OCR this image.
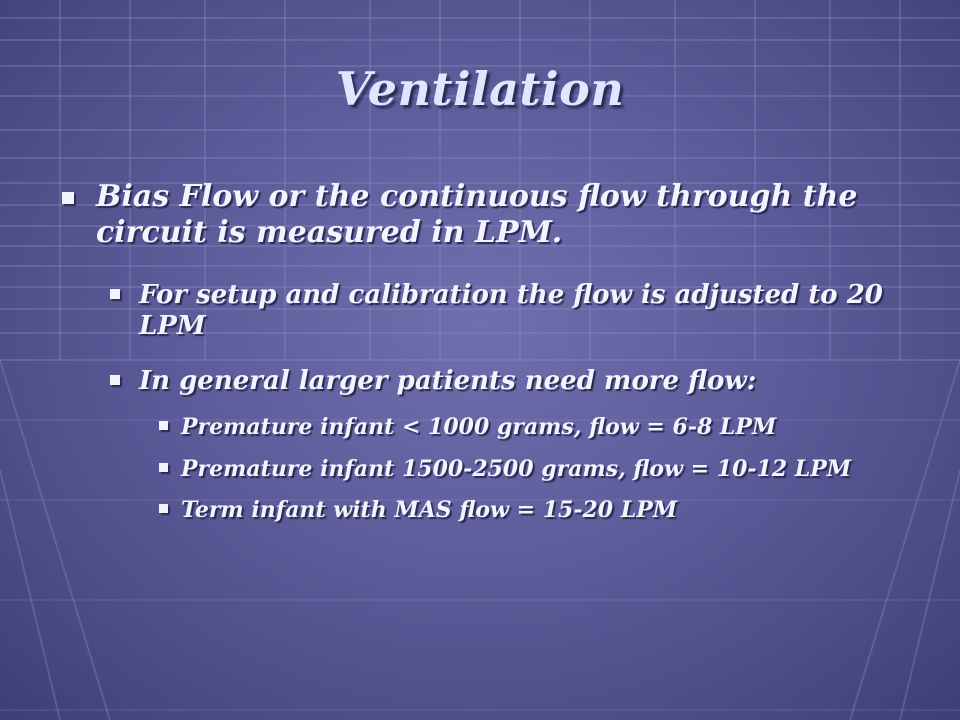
Ventilation
Bias Flow or the continuous flow through the circuit is measured in LPM.
For setup and calibration the flow is adjusted to 20 LPM
In general larger patients need more flow:
Premature infant < 1000 grams, flow = 6-8 LPM
Premature infant 1500-2500 grams, flow = 10-12 LPM
Term infant with MAS flow = 15-20 LPM
